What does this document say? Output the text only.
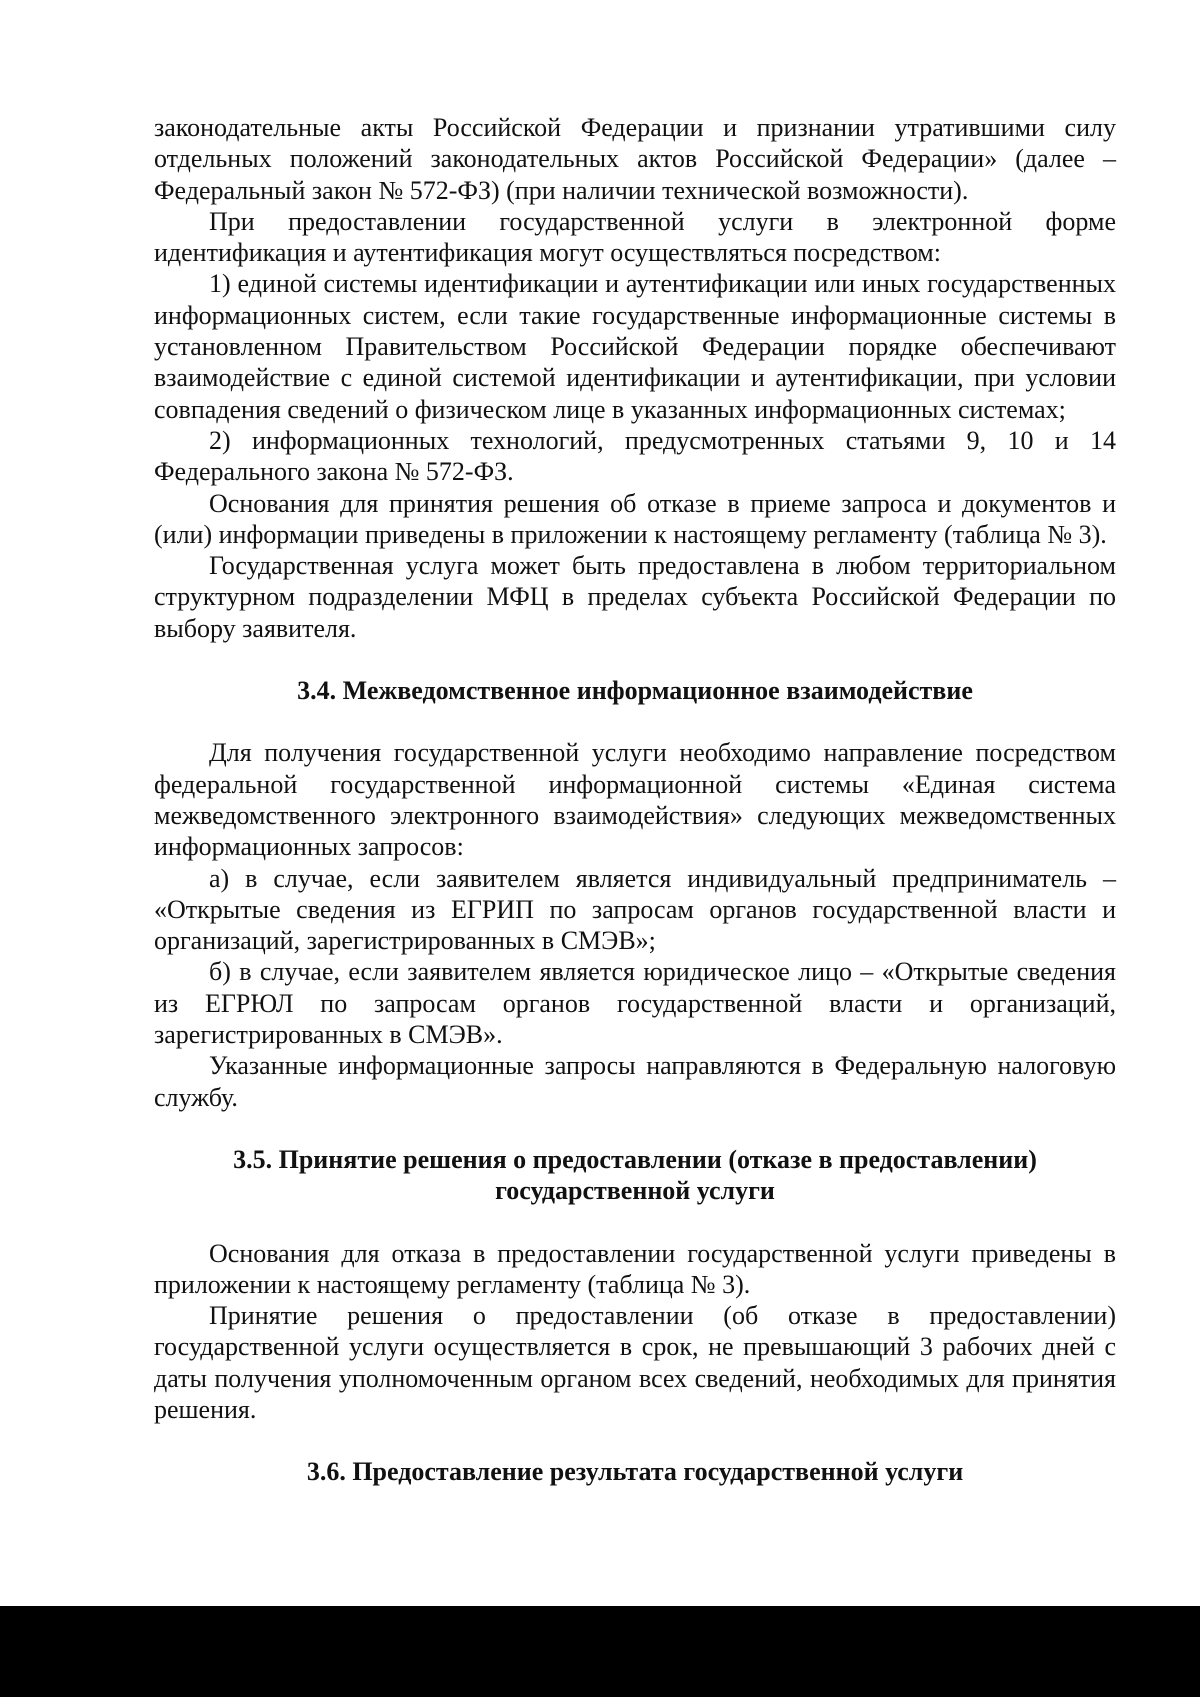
законодательные акты Российской Федерации и признании утратившими силу отдельных положений законодательных актов Российской Федерации» (далее – Федеральный закон № 572-ФЗ) (при наличии технической возможности).

При предоставлении государственной услуги в электронной форме идентификация и аутентификация могут осуществляться посредством:

1) единой системы идентификации и аутентификации или иных государственных информационных систем, если такие государственные информационные системы в установленном Правительством Российской Федерации порядке обеспечивают взаимодействие с единой системой идентификации и аутентификации, при условии совпадения сведений о физическом лице в указанных информационных системах;

2) информационных технологий, предусмотренных статьями 9, 10 и 14 Федерального закона № 572-ФЗ.

Основания для принятия решения об отказе в приеме запроса и документов и (или) информации приведены в приложении к настоящему регламенту (таблица № 3).

Государственная услуга может быть предоставлена в любом территориальном структурном подразделении МФЦ в пределах субъекта Российской Федерации по выбору заявителя.

3.4. Межведомственное информационное взаимодействие

Для получения государственной услуги необходимо направление посредством федеральной государственной информационной системы «Единая система межведомственного электронного взаимодействия» следующих межведомственных информационных запросов:

а) в случае, если заявителем является индивидуальный предприниматель – «Открытые сведения из ЕГРИП по запросам органов государственной власти и организаций, зарегистрированных в СМЭВ»;

б) в случае, если заявителем является юридическое лицо – «Открытые сведения из ЕГРЮЛ по запросам органов государственной власти и организаций, зарегистрированных в СМЭВ».

Указанные информационные запросы направляются в Федеральную налоговую службу.

3.5. Принятие решения о предоставлении (отказе в предоставлении)
государственной услуги

Основания для отказа в предоставлении государственной услуги приведены в приложении к настоящему регламенту (таблица № 3).

Принятие решения о предоставлении (об отказе в предоставлении) государственной услуги осуществляется в срок, не превышающий 3 рабочих дней с даты получения уполномоченным органом всех сведений, необходимых для принятия решения.

3.6. Предоставление результата государственной услуги
